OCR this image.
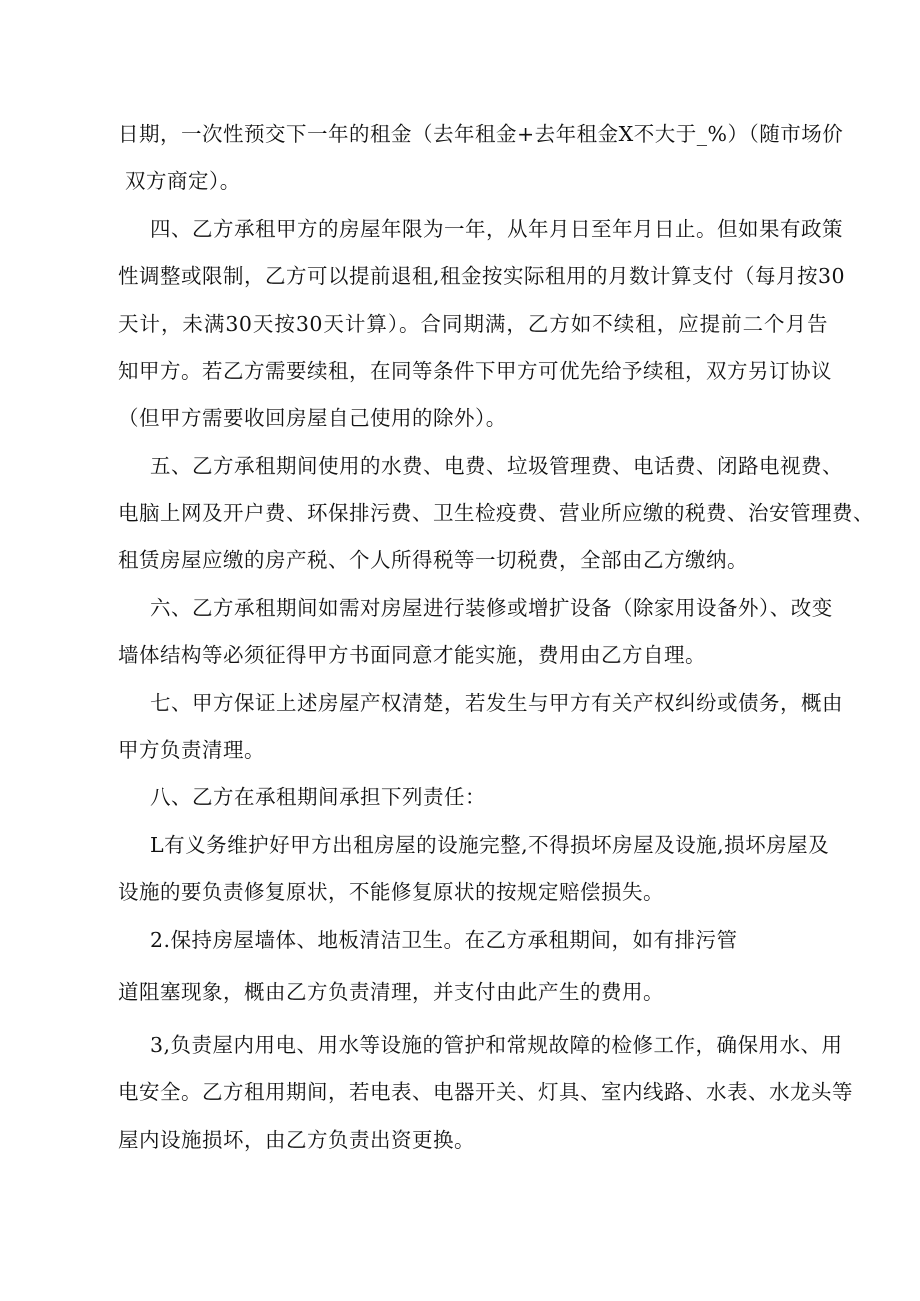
日期，一次性预交下一年的租金（去年租金+去年租金X不大于_%）（随市场价
双方商定）。
四、乙方承租甲方的房屋年限为一年，从年月日至年月日止。但如果有政策
性调整或限制，乙方可以提前退租,租金按实际租用的月数计算支付（每月按30
天计，未满30天按30天计算）。合同期满，乙方如不续租，应提前二个月告
知甲方。若乙方需要续租，在同等条件下甲方可优先给予续租，双方另订协议
（但甲方需要收回房屋自己使用的除外）。
五、乙方承租期间使用的水费、电费、垃圾管理费、电话费、闭路电视费、
电脑上网及开户费、环保排污费、卫生检疫费、营业所应缴的税费、治安管理费、
租赁房屋应缴的房产税、个人所得税等一切税费，全部由乙方缴纳。
六、乙方承租期间如需对房屋进行装修或增扩设备（除家用设备外）、改变
墙体结构等必须征得甲方书面同意才能实施，费用由乙方自理。
七、甲方保证上述房屋产权清楚，若发生与甲方有关产权纠纷或债务，概由
甲方负责清理。
八、乙方在承租期间承担下列责任：
L有义务维护好甲方出租房屋的设施完整,不得损坏房屋及设施,损坏房屋及
设施的要负责修复原状，不能修复原状的按规定赔偿损失。
2.保持房屋墙体、地板清洁卫生。在乙方承租期间，如有排污管
道阻塞现象，概由乙方负责清理，并支付由此产生的费用。
3,负责屋内用电、用水等设施的管护和常规故障的检修工作，确保用水、用
电安全。乙方租用期间，若电表、电器开关、灯具、室内线路、水表、水龙头等
屋内设施损坏，由乙方负责出资更换。
